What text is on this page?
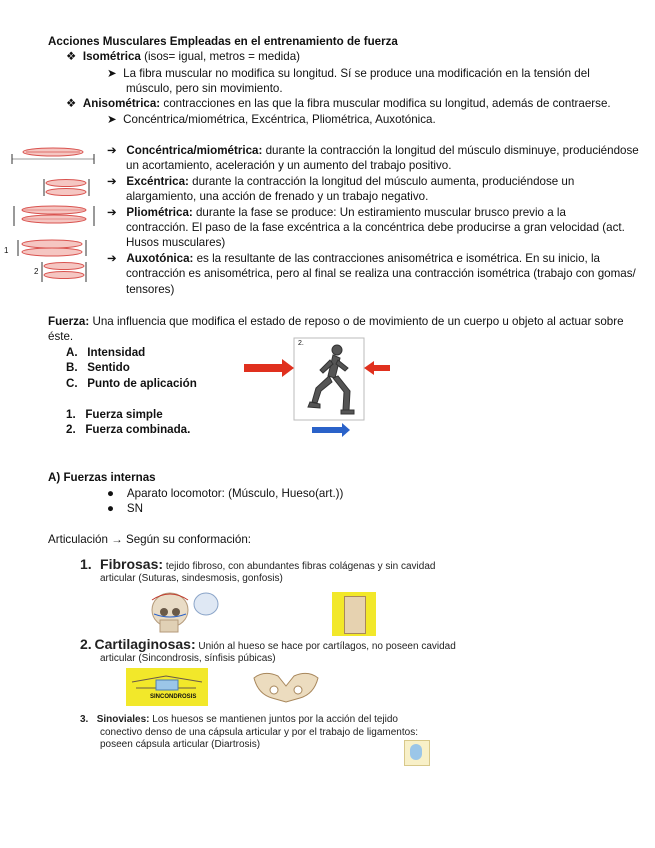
Acciones Musculares Empleadas en el entrenamiento de fuerza
❖ Isométrica (isos= igual, metros = medida)
➤ La fibra muscular no modifica su longitud. Sí se produce una modificación en la tensión del
músculo, pero sin movimiento.
❖ Anisométrica: contracciones en las que la fibra muscular modifica su longitud, además de contraerse.
➤ Concéntrica/miométrica, Excéntrica, Pliométrica, Auxotónica.
1
2
➔ Concéntrica/miométrica: durante la contracción la longitud del músculo disminuye, produciéndose
un acortamiento, aceleración y un aumento del trabajo positivo.
➔ Excéntrica: durante la contracción la longitud del músculo aumenta, produciéndose un
alargamiento, una acción de frenado y un trabajo negativo.
➔ Pliométrica: durante la fase se produce: Un estiramiento muscular brusco previo a la
contracción. El paso de la fase excéntrica a la concéntrica debe producirse a gran velocidad (act.
Husos musculares)
➔ Auxotónica: es la resultante de las contracciones anisométrica e isométrica. En su inicio, la
contracción es anisométrica, pero al final se realiza una contracción isométrica (trabajo con gomas/
tensores)
Fuerza: Una influencia que modifica el estado de reposo o de movimiento de un cuerpo u objeto al actuar sobre
éste.
A. Intensidad
B. Sentido
C. Punto de aplicación
1. Fuerza simple
2. Fuerza combinada.
2.
A) Fuerzas internas
● Aparato locomotor: (Músculo, Hueso(art.))
● SN
Articulación → Según su conformación:
1. Fibrosas: tejido fibroso, con abundantes fibras colágenas y sin cavidad
articular (Suturas, sindesmosis, gonfosis)
2. Cartilaginosas: Unión al hueso se hace por cartílagos, no poseen cavidad
articular (Sincondrosis, sínfisis púbicas)
SINCONDROSIS
3. Sinoviales: Los huesos se mantienen juntos por la acción del tejido
conectivo denso de una cápsula articular y por el trabajo de ligamentos:
poseen cápsula articular (Diartrosis)
